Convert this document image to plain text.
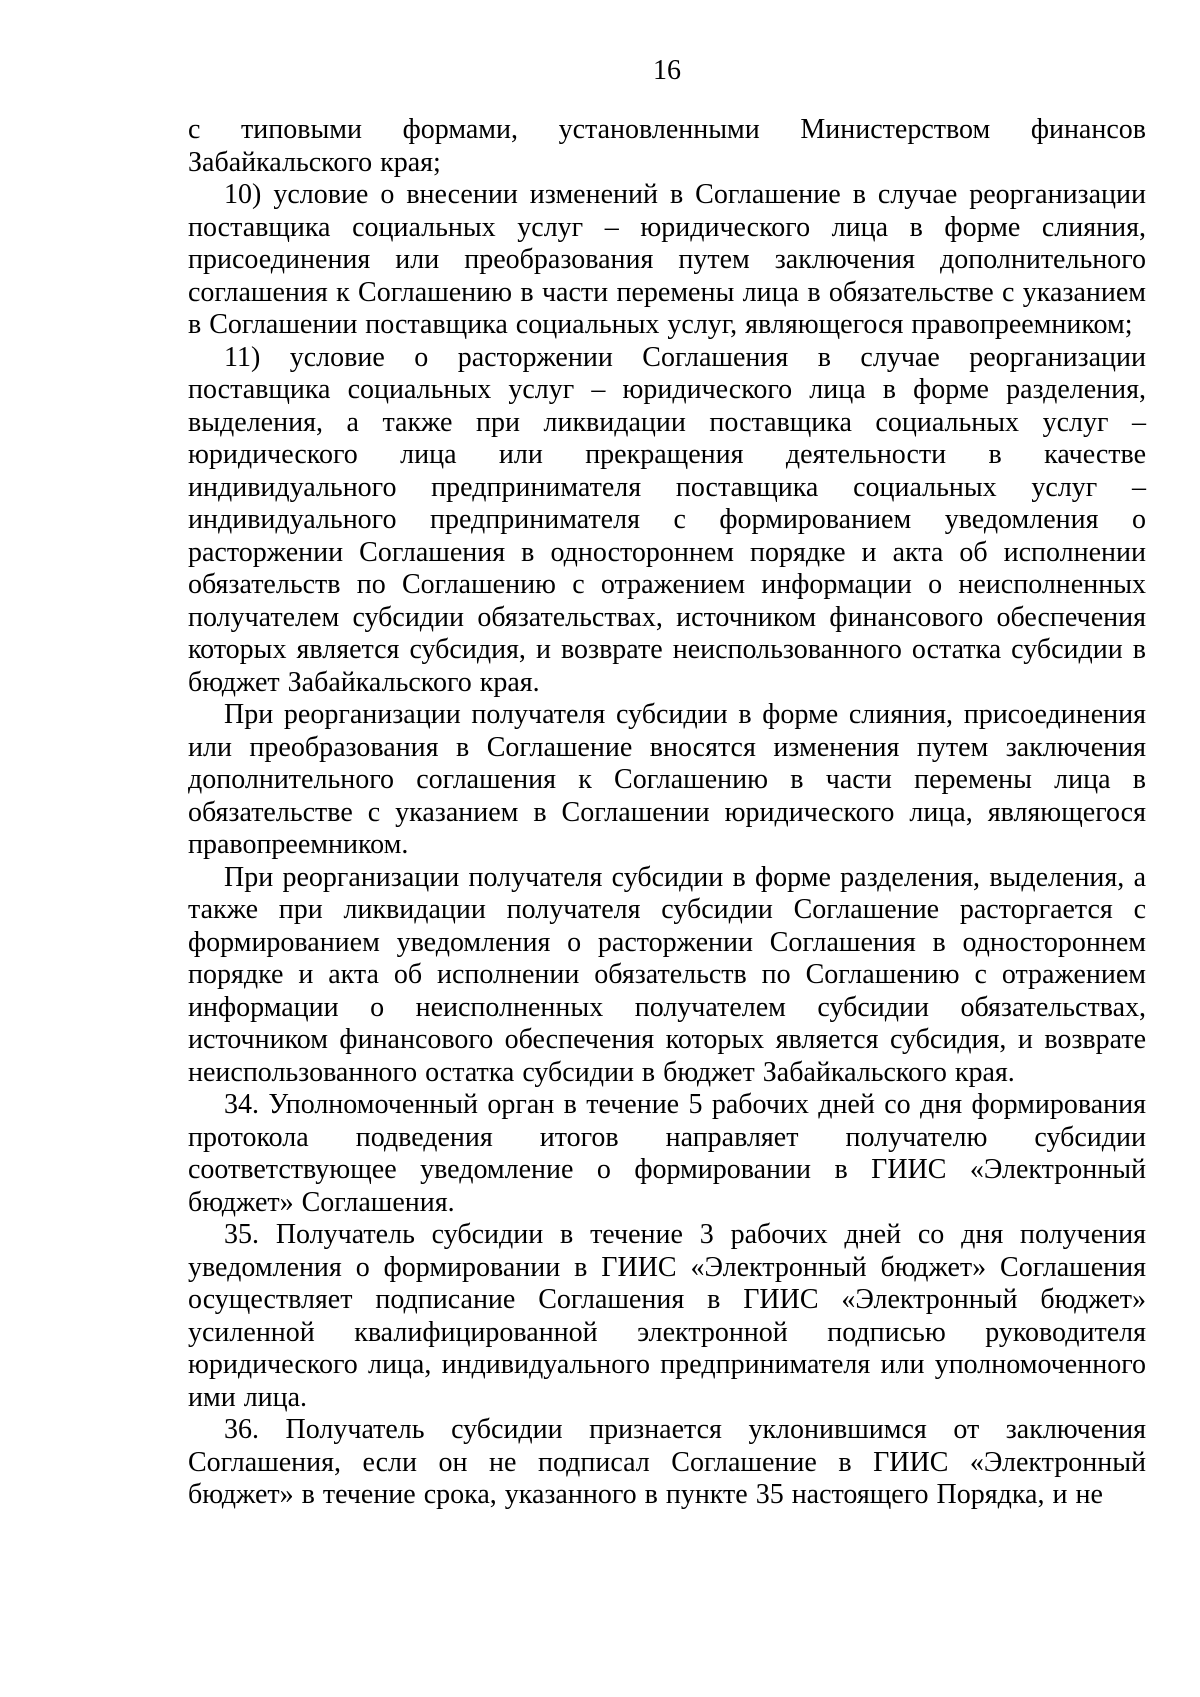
16

с типовыми формами, установленными Министерством финансов Забайкальского края;

10) условие о внесении изменений в Соглашение в случае реорганизации поставщика социальных услуг – юридического лица в форме слияния, присоединения или преобразования путем заключения дополнительного соглашения к Соглашению в части перемены лица в обязательстве с указанием в Соглашении поставщика социальных услуг, являющегося правопреемником;

11) условие о расторжении Соглашения в случае реорганизации поставщика социальных услуг – юридического лица в форме разделения, выделения, а также при ликвидации поставщика социальных услуг – юридического лица или прекращения деятельности в качестве индивидуального предпринимателя поставщика социальных услуг – индивидуального предпринимателя с формированием уведомления о расторжении Соглашения в одностороннем порядке и акта об исполнении обязательств по Соглашению с отражением информации о неисполненных получателем субсидии обязательствах, источником финансового обеспечения которых является субсидия, и возврате неиспользованного остатка субсидии в бюджет Забайкальского края.

При реорганизации получателя субсидии в форме слияния, присоединения или преобразования в Соглашение вносятся изменения путем заключения дополнительного соглашения к Соглашению в части перемены лица в обязательстве с указанием в Соглашении юридического лица, являющегося правопреемником.

При реорганизации получателя субсидии в форме разделения, выделения, а также при ликвидации получателя субсидии Соглашение расторгается с формированием уведомления о расторжении Соглашения в одностороннем порядке и акта об исполнении обязательств по Соглашению с отражением информации о неисполненных получателем субсидии обязательствах, источником финансового обеспечения которых является субсидия, и возврате неиспользованного остатка субсидии в бюджет Забайкальского края.

34. Уполномоченный орган в течение 5 рабочих дней со дня формирования протокола подведения итогов направляет получателю субсидии соответствующее уведомление о формировании в ГИИС «Электронный бюджет» Соглашения.

35. Получатель субсидии в течение 3 рабочих дней со дня получения уведомления о формировании в ГИИС «Электронный бюджет» Соглашения осуществляет подписание Соглашения в ГИИС «Электронный бюджет» усиленной квалифицированной электронной подписью руководителя юридического лица, индивидуального предпринимателя или уполномоченного ими лица.

36. Получатель субсидии признается уклонившимся от заключения Соглашения, если он не подписал Соглашение в ГИИС «Электронный бюджет» в течение срока, указанного в пункте 35 настоящего Порядка, и не
